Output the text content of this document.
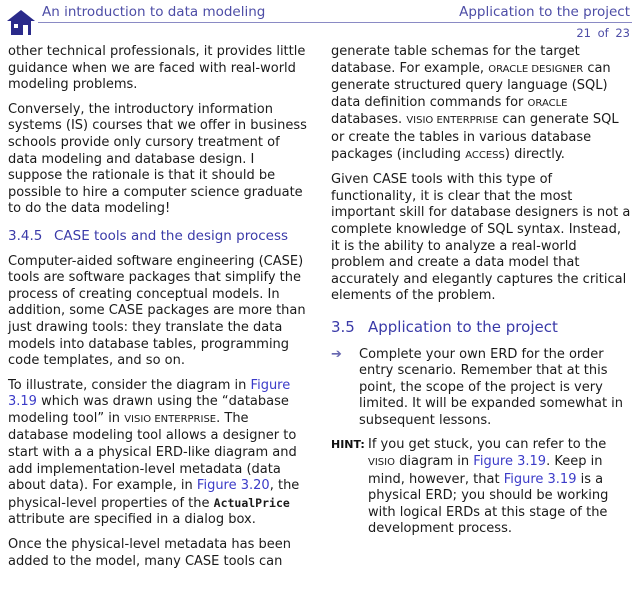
An introduction to data modeling	Application to the project
21 of 23

other technical professionals, it provides little guidance when we are faced with real-world modeling problems.

Conversely, the introductory information systems (IS) courses that we offer in business schools provide only cursory treatment of data modeling and database design. I suppose the rationale is that it should be possible to hire a computer science graduate to do the data modeling!

3.4.5 CASE tools and the design process

Computer-aided software engineering (CASE) tools are software packages that simplify the process of creating conceptual models. In addition, some CASE packages are more than just drawing tools: they translate the data models into database tables, programming code templates, and so on.

To illustrate, consider the diagram in Figure 3.19 which was drawn using the “database modeling tool” in VISIO ENTERPRISE. The database modeling tool allows a designer to start with a a physical ERD-like diagram and add implementation-level metadata (data about data). For example, in Figure 3.20, the physical-level properties of the ActualPrice attribute are specified in a dialog box.

Once the physical-level metadata has been added to the model, many CASE tools can

generate table schemas for the target database. For example, ORACLE DESIGNER can generate structured query language (SQL) data definition commands for ORACLE databases. VISIO ENTERPRISE can generate SQL or create the tables in various database packages (including ACCESS) directly.

Given CASE tools with this type of functionality, it is clear that the most important skill for database designers is not a complete knowledge of SQL syntax. Instead, it is the ability to analyze a real-world problem and create a data model that accurately and elegantly captures the critical elements of the problem.

3.5 Application to the project
➔	Complete your own ERD for the order entry scenario. Remember that at this point, the scope of the project is very limited. It will be expanded somewhat in subsequent lessons.
HINT: If you get stuck, you can refer to the VISIO diagram in Figure 3.19. Keep in mind, however, that Figure 3.19 is a physical ERD; you should be working with logical ERDs at this stage of the development process.
